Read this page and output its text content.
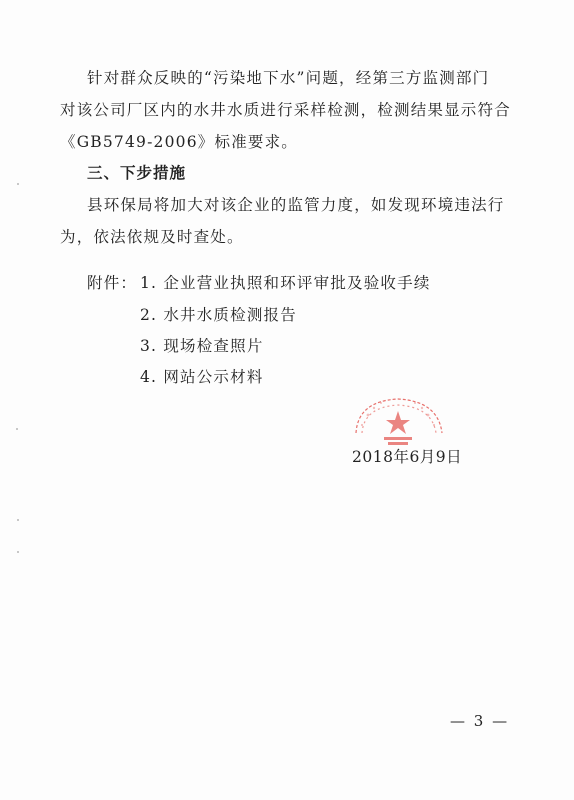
针对群众反映的“污染地下水”问题，经第三方监测部门
对该公司厂区内的水井水质进行采样检测，检测结果显示符合
《GB5749-2006》标准要求。
三、下步措施
县环保局将加大对该企业的监管力度，如发现环境违法行
为，依法依规及时查处。
附件： 1. 企业营业执照和环评审批及验收手续
2. 水井水质检测报告
3. 现场检查照片
4. 网站公示材料
2018年6月9日
— 3 —
